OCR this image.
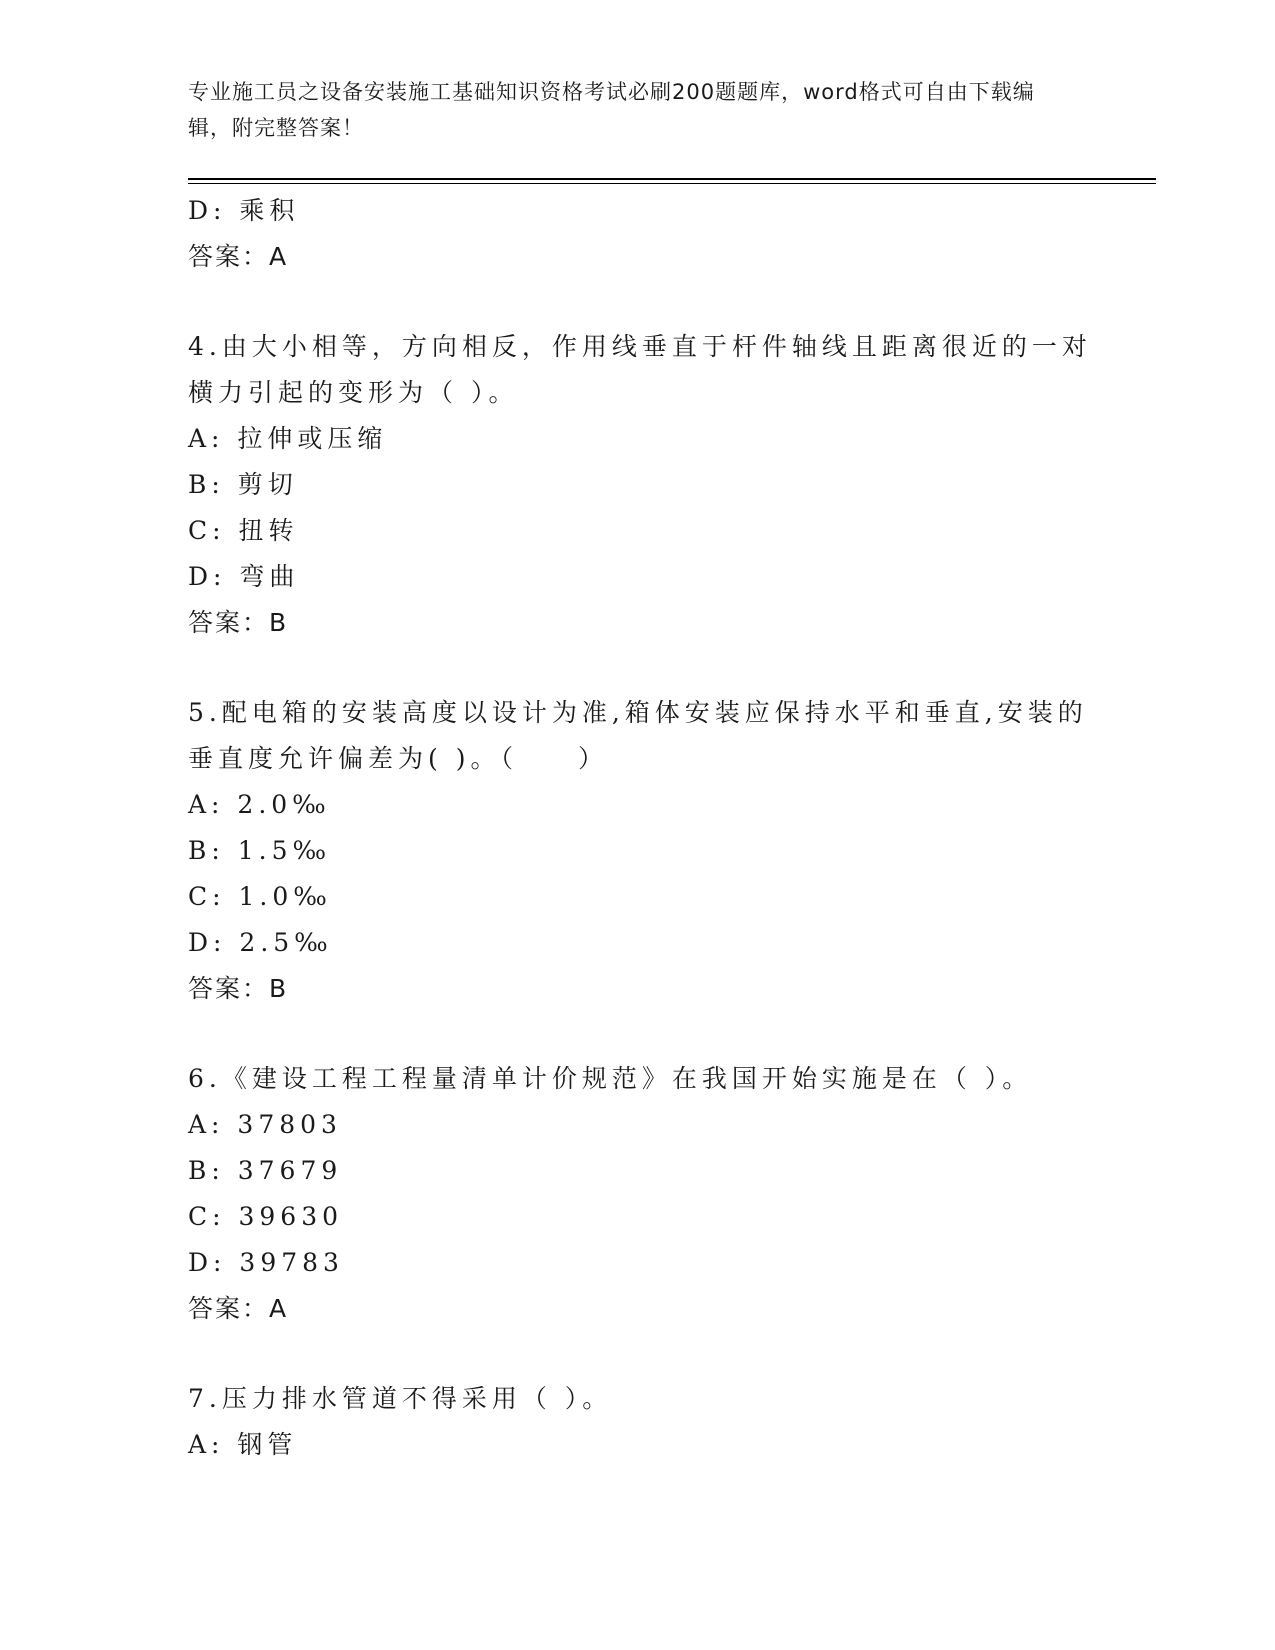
专业施工员之设备安装施工基础知识资格考试必刷200题题库，word格式可自由下载编辑，附完整答案！

D: 乘积

答案：A

4.由大小相等，方向相反，作用线垂直于杆件轴线且距离很近的一对

横力引起的变形为（ ）。

A: 拉伸或压缩

B: 剪切

C: 扭转

D: 弯曲

答案：B

5.配电箱的安装高度以设计为准,箱体安装应保持水平和垂直,安装的

垂直度允许偏差为( )。（　　）

A: 2.0‰

B: 1.5‰

C: 1.0‰

D: 2.5‰

答案：B

6.《建设工程工程量清单计价规范》在我国开始实施是在（ ）。

A: 37803

B: 37679

C: 39630

D: 39783

答案：A

7.压力排水管道不得采用（ ）。

A: 钢管
